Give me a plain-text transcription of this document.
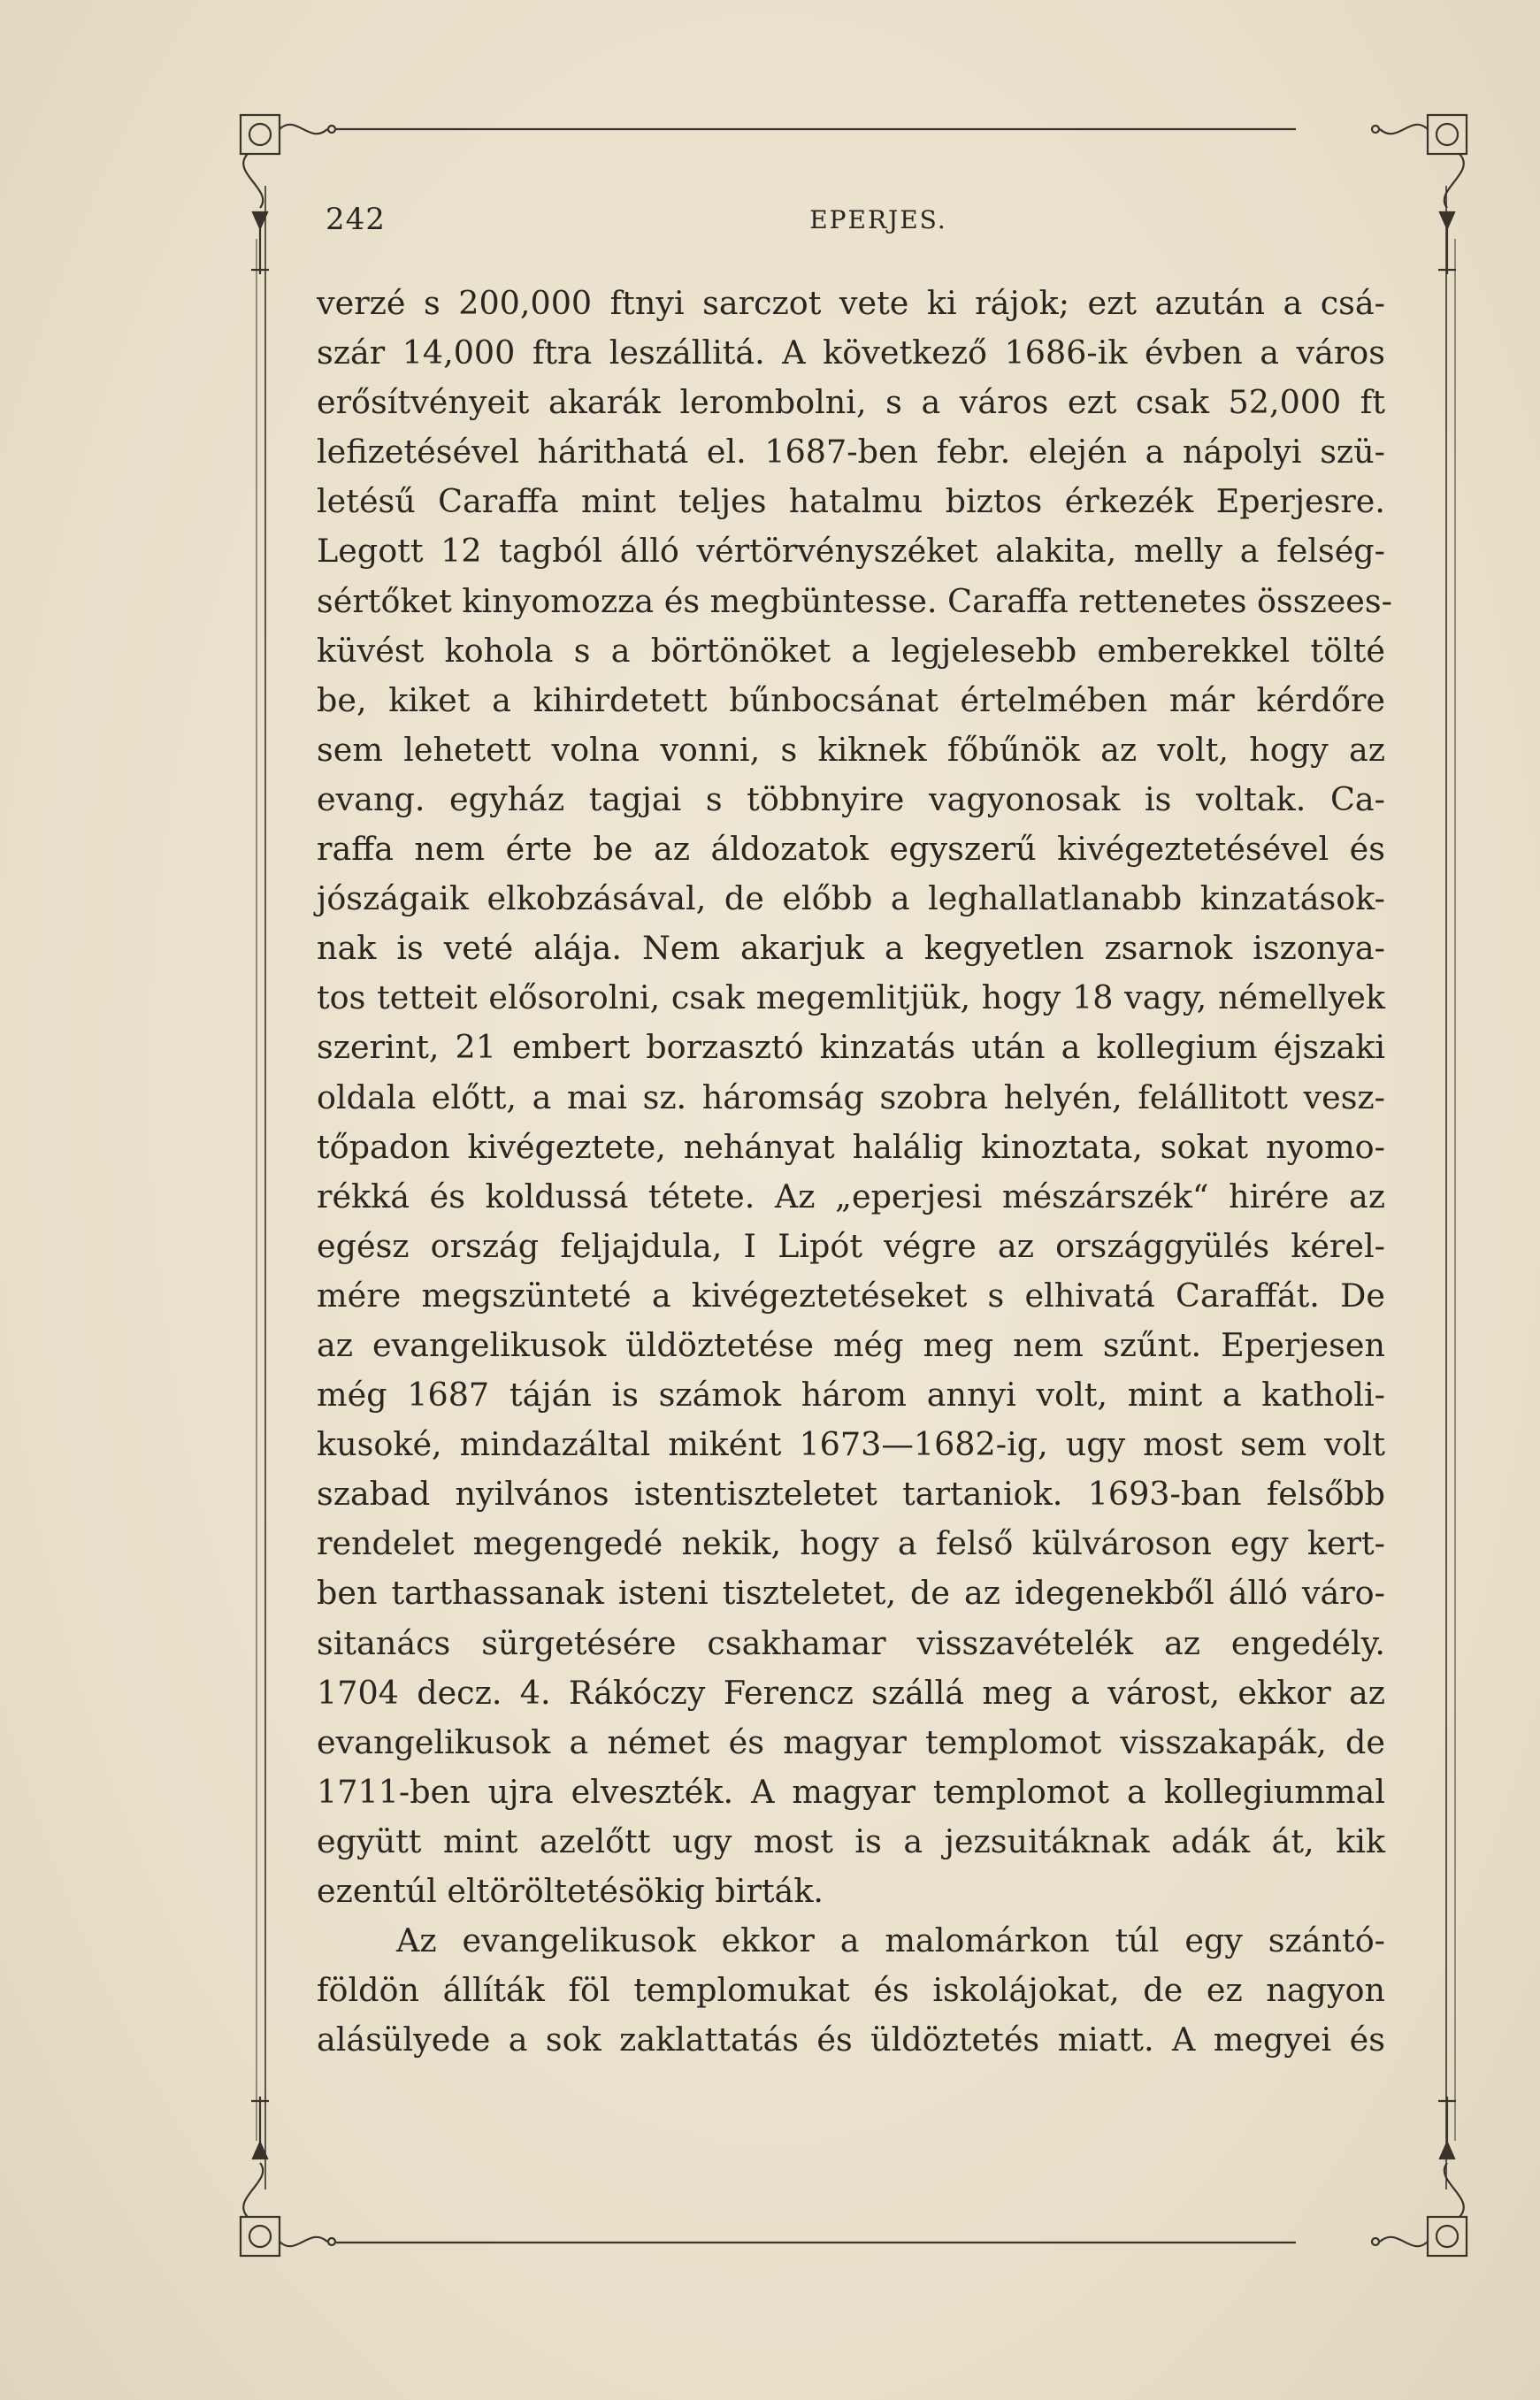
242	EPERJES.
verzé s 200,000 ftnyi sarczot vete ki rájok; ezt azután a csá-
szár 14,000 ftra leszállitá. A következő 1686-ik évben a város
erősítvényeit akarák lerombolni, s a város ezt csak 52,000 ft
lefizetésével hárithatá el. 1687-ben febr. elején a nápolyi szü-
letésű Caraffa mint teljes hatalmu biztos érkezék Eperjesre.
Legott 12 tagból álló vértörvényszéket alakita, melly a felség-
sértőket kinyomozza és megbüntesse. Caraffa rettenetes összees-
küvést kohola s a börtönöket a legjelesebb emberekkel tölté
be, kiket a kihirdetett bűnbocsánat értelmében már kérdőre
sem lehetett volna vonni, s kiknek főbűnök az volt, hogy az
evang. egyház tagjai s többnyire vagyonosak is voltak. Ca-
raffa nem érte be az áldozatok egyszerű kivégeztetésével és
jószágaik elkobzásával, de előbb a leghallatlanabb kinzatások-
nak is veté alája. Nem akarjuk a kegyetlen zsarnok iszonya-
tos tetteit elősorolni, csak megemlitjük, hogy 18 vagy, némellyek
szerint, 21 embert borzasztó kinzatás után a kollegium éjszaki
oldala előtt, a mai sz. háromság szobra helyén, felállitott vesz-
tőpadon kivégeztete, nehányat halálig kinoztata, sokat nyomo-
rékká és koldussá tétete. Az „eperjesi mészárszék“ hirére az
egész ország feljajdula, I Lipót végre az országgyülés kérel-
mére megszünteté a kivégeztetéseket s elhivatá Caraffát. De
az evangelikusok üldöztetése még meg nem szűnt. Eperjesen
még 1687 táján is számok három annyi volt, mint a katholi-
kusoké, mindazáltal miként 1673—1682-ig, ugy most sem volt
szabad nyilvános istentiszteletet tartaniok. 1693-ban felsőbb
rendelet megengedé nekik, hogy a felső külvároson egy kert-
ben tarthassanak isteni tiszteletet, de az idegenekből álló váro-
sitanács sürgetésére csakhamar visszavételék az engedély.
1704 decz. 4. Rákóczy Ferencz szállá meg a várost, ekkor az
evangelikusok a német és magyar templomot visszakapák, de
1711-ben ujra elveszték. A magyar templomot a kollegiummal
együtt mint azelőtt ugy most is a jezsuitáknak adák át, kik
ezentúl eltöröltetésökig birták.
Az evangelikusok ekkor a malomárkon túl egy szántó-
földön állíták föl templomukat és iskolájokat, de ez nagyon
alásülyede a sok zaklattatás és üldöztetés miatt. A megyei és
